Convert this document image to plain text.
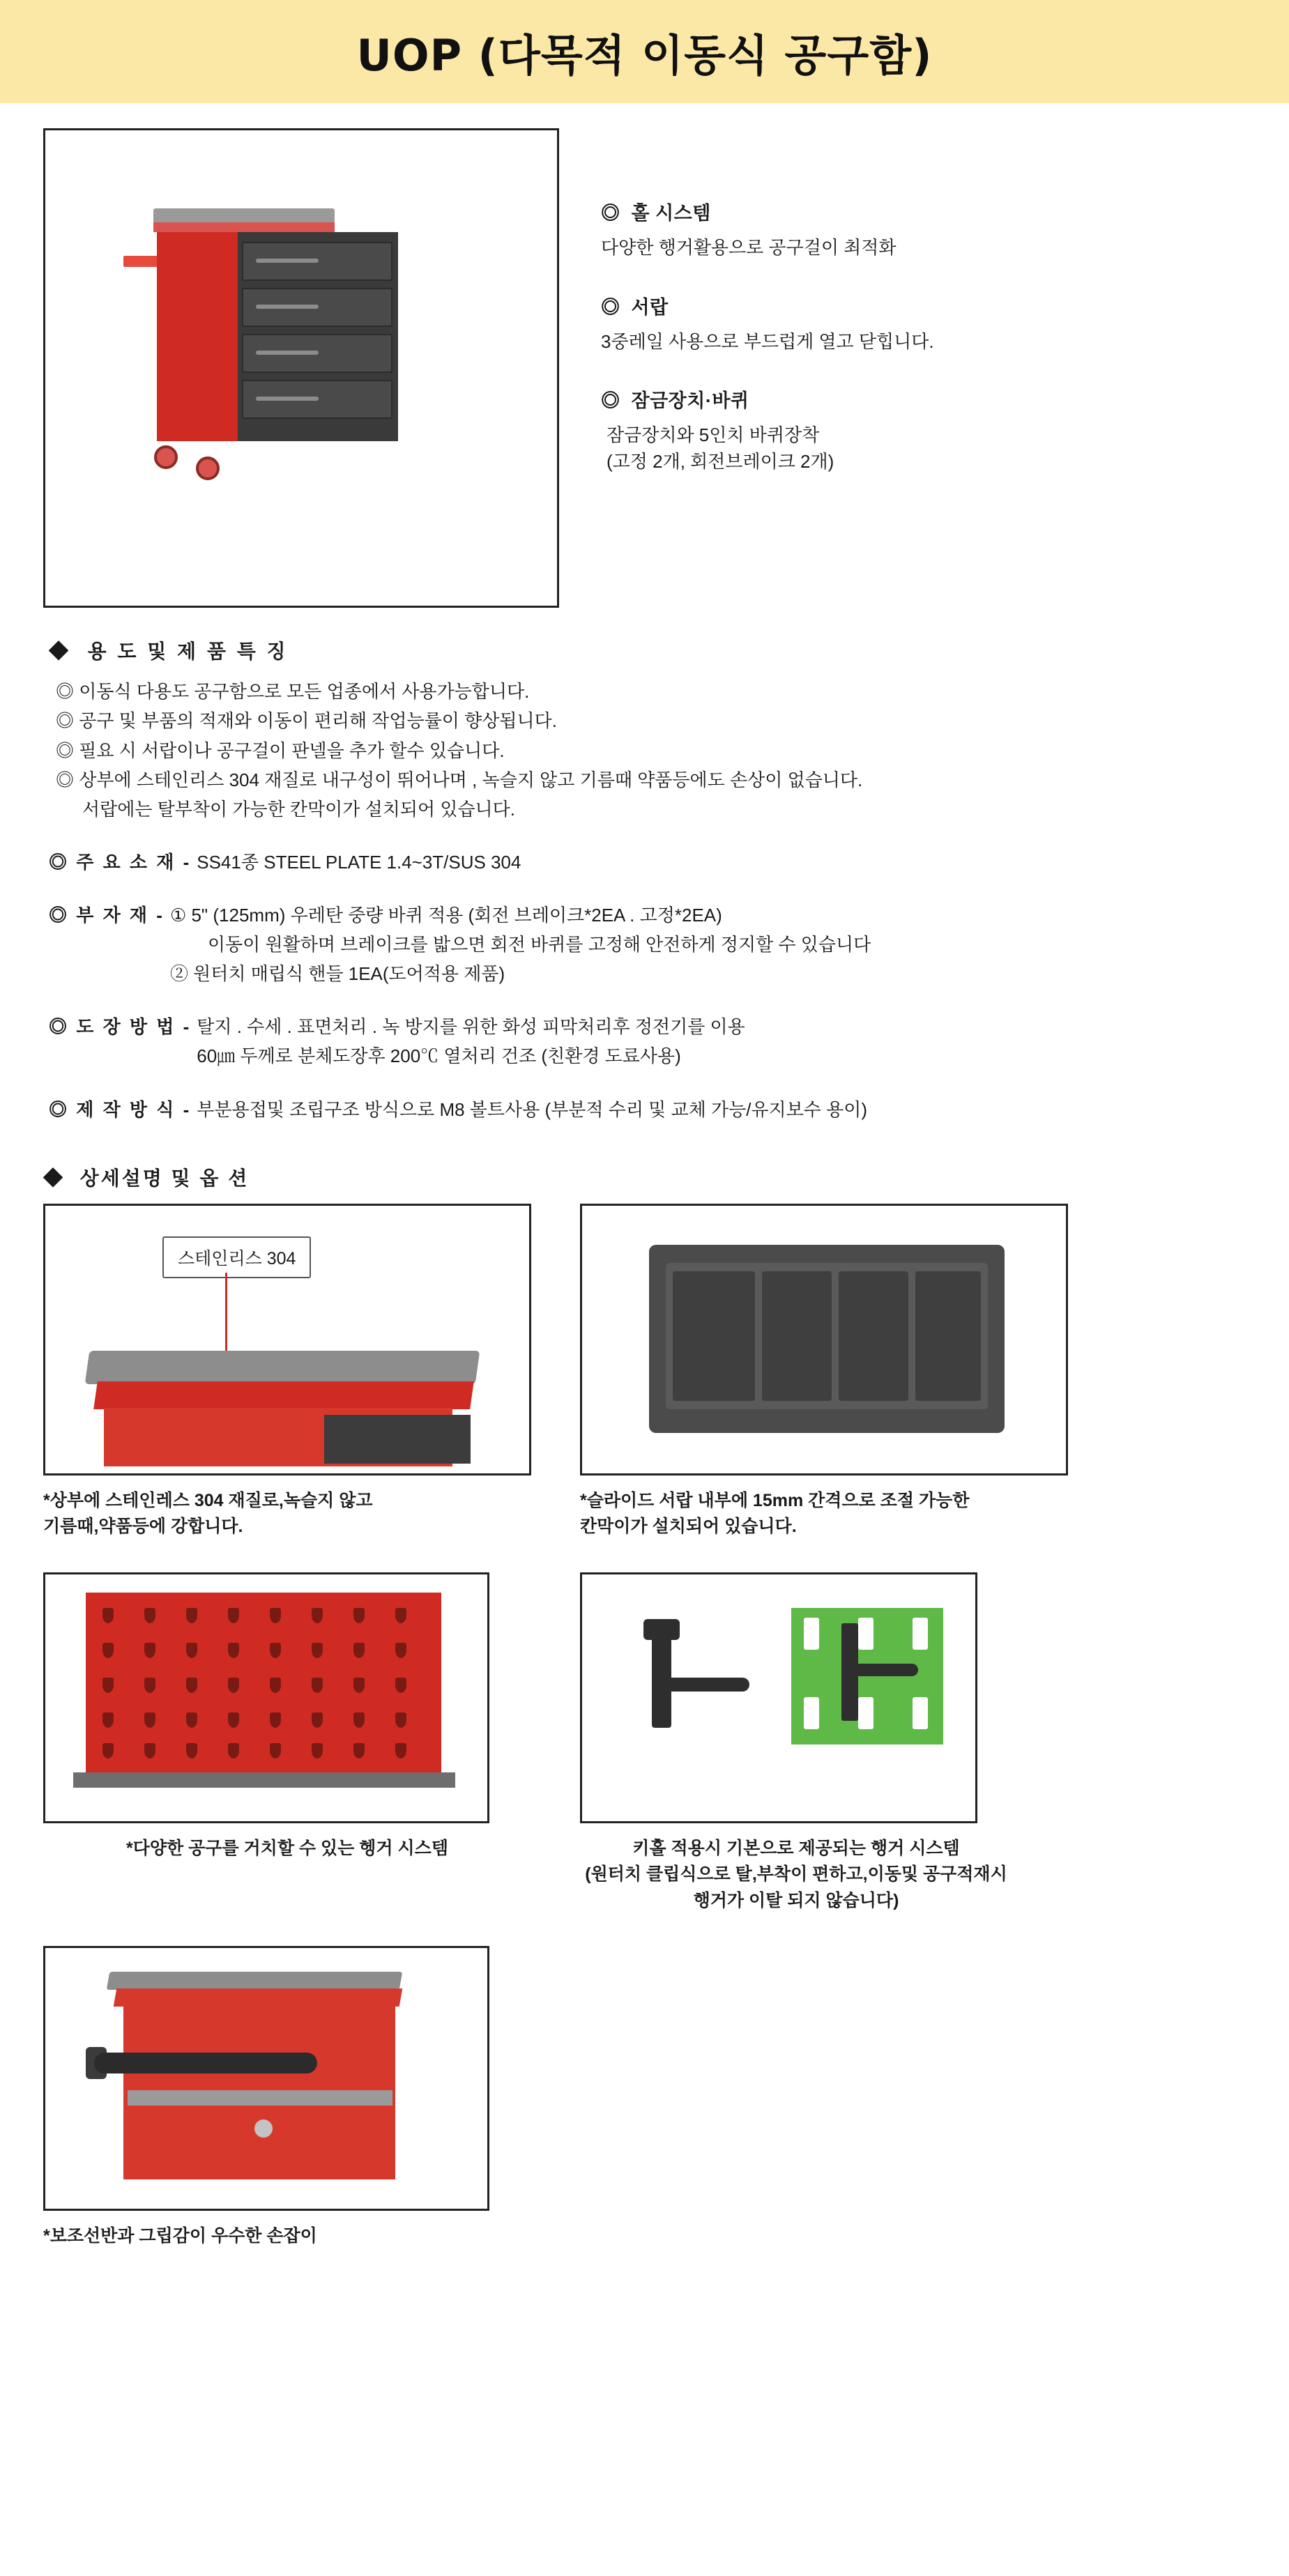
UOP (다목적 이동식 공구함)
◎ 홀 시스템
다양한 행거활용으로 공구걸이 최적화
◎ 서랍
3중레일 사용으로 부드럽게 열고 닫힙니다.
◎ 잠금장치·바퀴
잠금장치와 5인치 바퀴장착
(고정 2개, 회전브레이크 2개)
◆ 용 도 및 제 품 특 징
◎ 이동식 다용도 공구함으로 모든 업종에서 사용가능합니다.
◎ 공구 및 부품의 적재와 이동이 편리해 작업능률이 향상됩니다.
◎ 필요 시 서랍이나 공구걸이 판넬을 추가 할수 있습니다.
◎ 상부에 스테인리스 304 재질로 내구성이 뛰어나며 , 녹슬지 않고 기름때 약품등에도 손상이 없습니다.
서랍에는 탈부착이 가능한 칸막이가 설치되어 있습니다.
◎ 주 요 소 재 - SS41종 STEEL PLATE 1.4~3T/SUS 304
◎ 부 자 재 - ① 5" (125mm) 우레탄 중량 바퀴 적용 (회전 브레이크*2EA . 고정*2EA)
이동이 원활하며 브레이크를 밟으면 회전 바퀴를 고정해 안전하게 정지할 수 있습니다
② 원터치 매립식 핸들 1EA(도어적용 제품)
◎ 도 장 방 법 - 탈지 . 수세 . 표면처리 . 녹 방지를 위한 화성 피막처리후 정전기를 이용
60㎛ 두께로 분체도장후 200℃ 열처리 건조 (친환경 도료사용)
◎ 제 작 방 식 - 부분용접및 조립구조 방식으로 M8 볼트사용 (부분적 수리 및 교체 가능/유지보수 용이)
◆ 상세설명 및 옵 션
스테인리스 304
*상부에 스테인레스 304 재질로,녹슬지 않고
기름때,약품등에 강합니다.
*슬라이드 서랍 내부에 15mm 간격으로 조절 가능한
칸막이가 설치되어 있습니다.
*다양한 공구를 거치할 수 있는 헹거 시스템	키홀 적용시 기본으로 제공되는 행거 시스템
(원터치 클립식으로 탈,부착이 편하고,이동및 공구적재시
행거가 이탈 되지 않습니다)
*보조선반과 그립감이 우수한 손잡이
